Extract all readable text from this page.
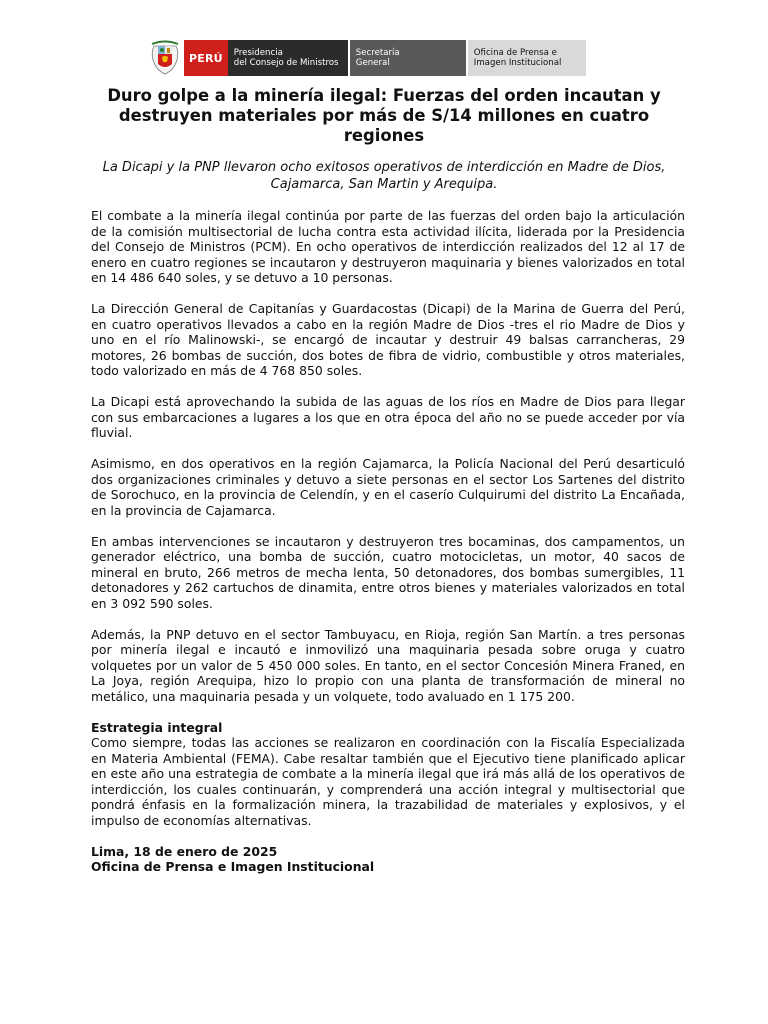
PERÚ Presidencia
del Consejo de Ministros
Secretaría
General
Oficina de Prensa e
Imagen Institucional
Duro golpe a la minería ilegal: Fuerzas del orden incautan y destruyen materiales por más de S/14 millones en cuatro regiones

La Dicapi y la PNP llevaron ocho exitosos operativos de interdicción en Madre de Dios, Cajamarca, San Martin y Arequipa.

El combate a la minería ilegal continúa por parte de las fuerzas del orden bajo la articulación de la comisión multisectorial de lucha contra esta actividad ilícita, liderada por la Presidencia del Consejo de Ministros (PCM). En ocho operativos de interdicción realizados del 12 al 17 de enero en cuatro regiones se incautaron y destruyeron maquinaria y bienes valorizados en total en 14 486 640 soles, y se detuvo a 10 personas.

La Dirección General de Capitanías y Guardacostas (Dicapi) de la Marina de Guerra del Perú, en cuatro operativos llevados a cabo en la región Madre de Dios -tres el rio Madre de Dios y uno en el río Malinowski-, se encargó de incautar y destruir 49 balsas carrancheras, 29 motores, 26 bombas de succión, dos botes de fibra de vidrio, combustible y otros materiales, todo valorizado en más de 4 768 850 soles.

La Dicapi está aprovechando la subida de las aguas de los ríos en Madre de Dios para llegar con sus embarcaciones a lugares a los que en otra época del año no se puede acceder por vía fluvial.

Asimismo, en dos operativos en la región Cajamarca, la Policía Nacional del Perú desarticuló dos organizaciones criminales y detuvo a siete personas en el sector Los Sartenes del distrito de Sorochuco, en la provincia de Celendín, y en el caserío Culquirumi del distrito La Encañada, en la provincia de Cajamarca.

En ambas intervenciones se incautaron y destruyeron tres bocaminas, dos campamentos, un generador eléctrico, una bomba de succión, cuatro motocicletas, un motor, 40 sacos de mineral en bruto, 266 metros de mecha lenta, 50 detonadores, dos bombas sumergibles, 11 detonadores y 262 cartuchos de dinamita, entre otros bienes y materiales valorizados en total en 3 092 590 soles.

Además, la PNP detuvo en el sector Tambuyacu, en Rioja, región San Martín. a tres personas por minería ilegal e incautó e inmovilizó una maquinaria pesada sobre oruga y cuatro volquetes por un valor de 5 450 000 soles. En tanto, en el sector Concesión Minera Franed, en La Joya, región Arequipa, hizo lo propio con una planta de transformación de mineral no metálico, una maquinaria pesada y un volquete, todo avaluado en 1 175 200.

Estrategia integral

Como siempre, todas las acciones se realizaron en coordinación con la Fiscalía Especializada en Materia Ambiental (FEMA). Cabe resaltar también que el Ejecutivo tiene planificado aplicar en este año una estrategia de combate a la minería ilegal que irá más allá de los operativos de interdicción, los cuales continuarán, y comprenderá una acción integral y multisectorial que pondrá énfasis en la formalización minera, la trazabilidad de materiales y explosivos, y el impulso de economías alternativas.

Lima, 18 de enero de 2025

Oficina de Prensa e Imagen Institucional
